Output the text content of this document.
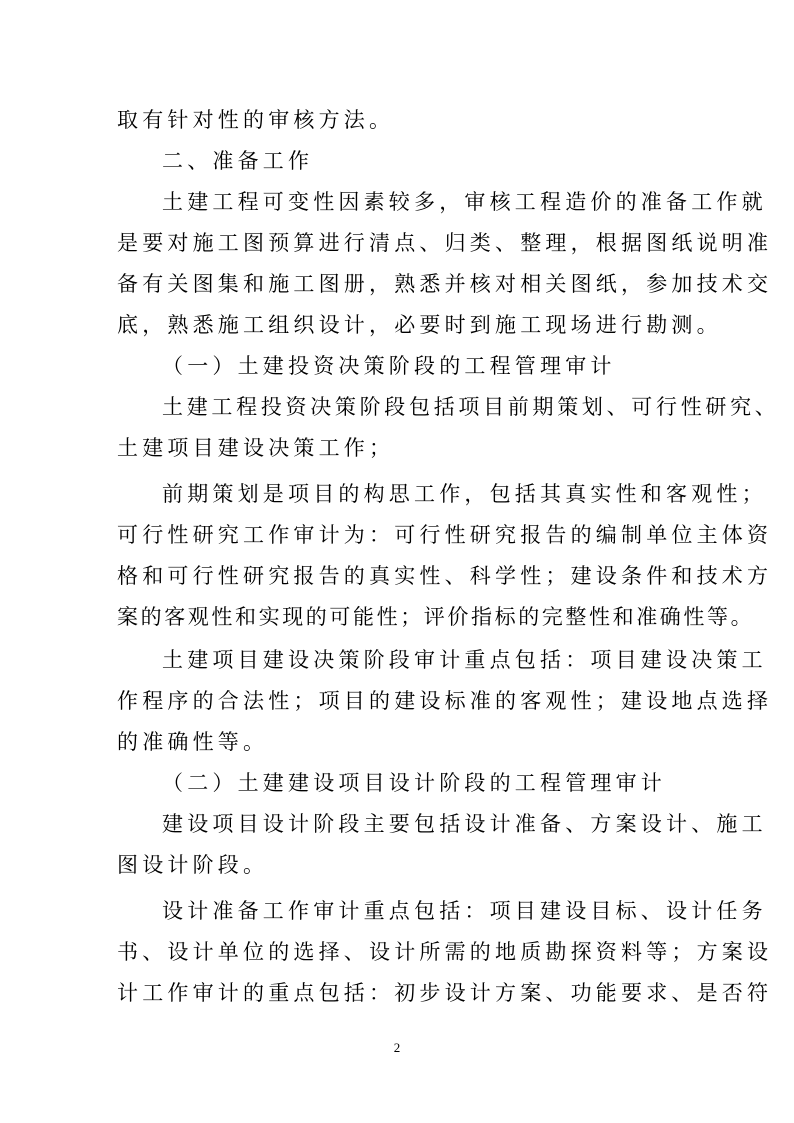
取有针对性的审核方法。
二、准备工作
土建工程可变性因素较多，审核工程造价的准备工作就
是要对施工图预算进行清点、归类、整理，根据图纸说明准
备有关图集和施工图册，熟悉并核对相关图纸，参加技术交
底，熟悉施工组织设计，必要时到施工现场进行勘测。
（一）土建投资决策阶段的工程管理审计
土建工程投资决策阶段包括项目前期策划、可行性研究、
土建项目建设决策工作；
前期策划是项目的构思工作，包括其真实性和客观性；
可行性研究工作审计为：可行性研究报告的编制单位主体资
格和可行性研究报告的真实性、科学性；建设条件和技术方
案的客观性和实现的可能性；评价指标的完整性和准确性等。
土建项目建设决策阶段审计重点包括：项目建设决策工
作程序的合法性；项目的建设标准的客观性；建设地点选择
的准确性等。
（二）土建建设项目设计阶段的工程管理审计
建设项目设计阶段主要包括设计准备、方案设计、施工
图设计阶段。
设计准备工作审计重点包括：项目建设目标、设计任务
书、设计单位的选择、设计所需的地质勘探资料等；方案设
计工作审计的重点包括：初步设计方案、功能要求、是否符
2
